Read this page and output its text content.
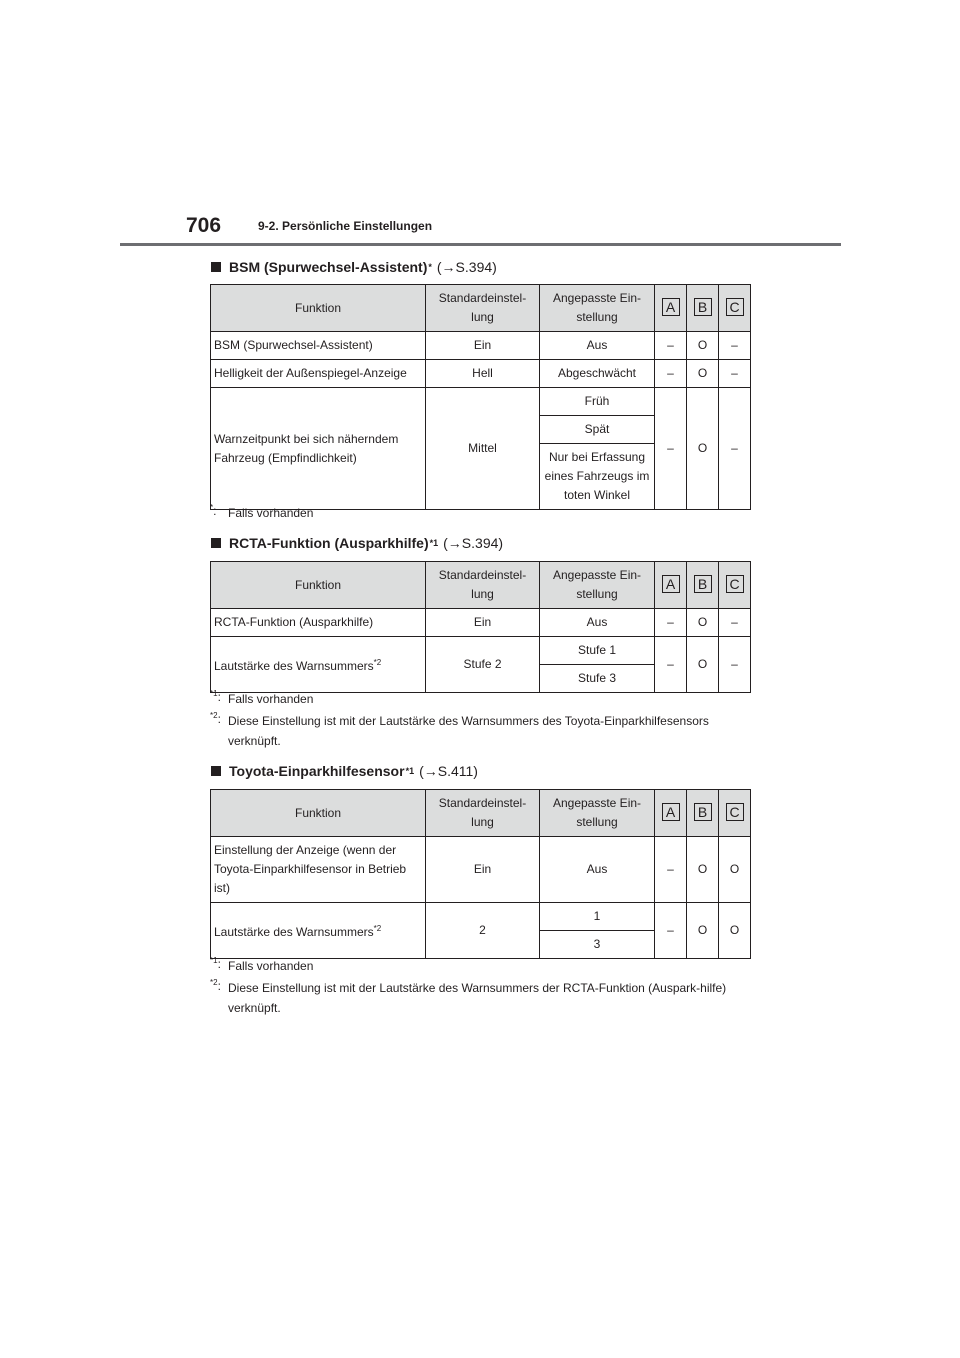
706	9-2. Persönliche Einstellungen
BSM (Spurwechsel-Assistent) * (→S.394)
Funktion	Standardeinstel-lung	Angepasste Ein-stellung	A	B	C
BSM (Spurwechsel-Assistent)	Ein	Aus	–	O	–
Helligkeit der Außenspiegel-Anzeige	Hell	Abgeschwächt	–	O	–
Warnzeitpunkt bei sich näherndem Fahrzeug (Empfindlichkeit)	Mittel	Früh	–	O	–
		Spät			
		Nur bei Erfassung eines Fahrzeugs im toten Winkel			
*: Falls vorhanden
RCTA-Funktion (Ausparkhilfe) *1 (→S.394)
Funktion	Standardeinstel-lung	Angepasste Ein-stellung	A	B	C
RCTA-Funktion (Ausparkhilfe)	Ein	Aus	–	O	–
Lautstärke des Warnsummers$^{*2}$	Stufe 2	Stufe 1	–	O	–
		Stufe 3			
$^{*1}$: Falls vorhanden
$^{*2}$: Diese Einstellung ist mit der Lautstärke des Warnsummers des Toyota-Einparkhilfesensors verknüpft.
Toyota-Einparkhilfesensor *1 (→S.411)
Funktion	Standardeinstel-lung	Angepasste Ein-stellung	A	B	C
Einstellung der Anzeige (wenn der Toyota-Einparkhilfesensor in Betrieb ist)	Ein	Aus	–	O	O
Lautstärke des Warnsummers$^{*2}$	2	1	–	O	O
		3			
$^{*1}$: Falls vorhanden
$^{*2}$: Diese Einstellung ist mit der Lautstärke des Warnsummers der RCTA-Funktion (Auspark-hilfe) verknüpft.
